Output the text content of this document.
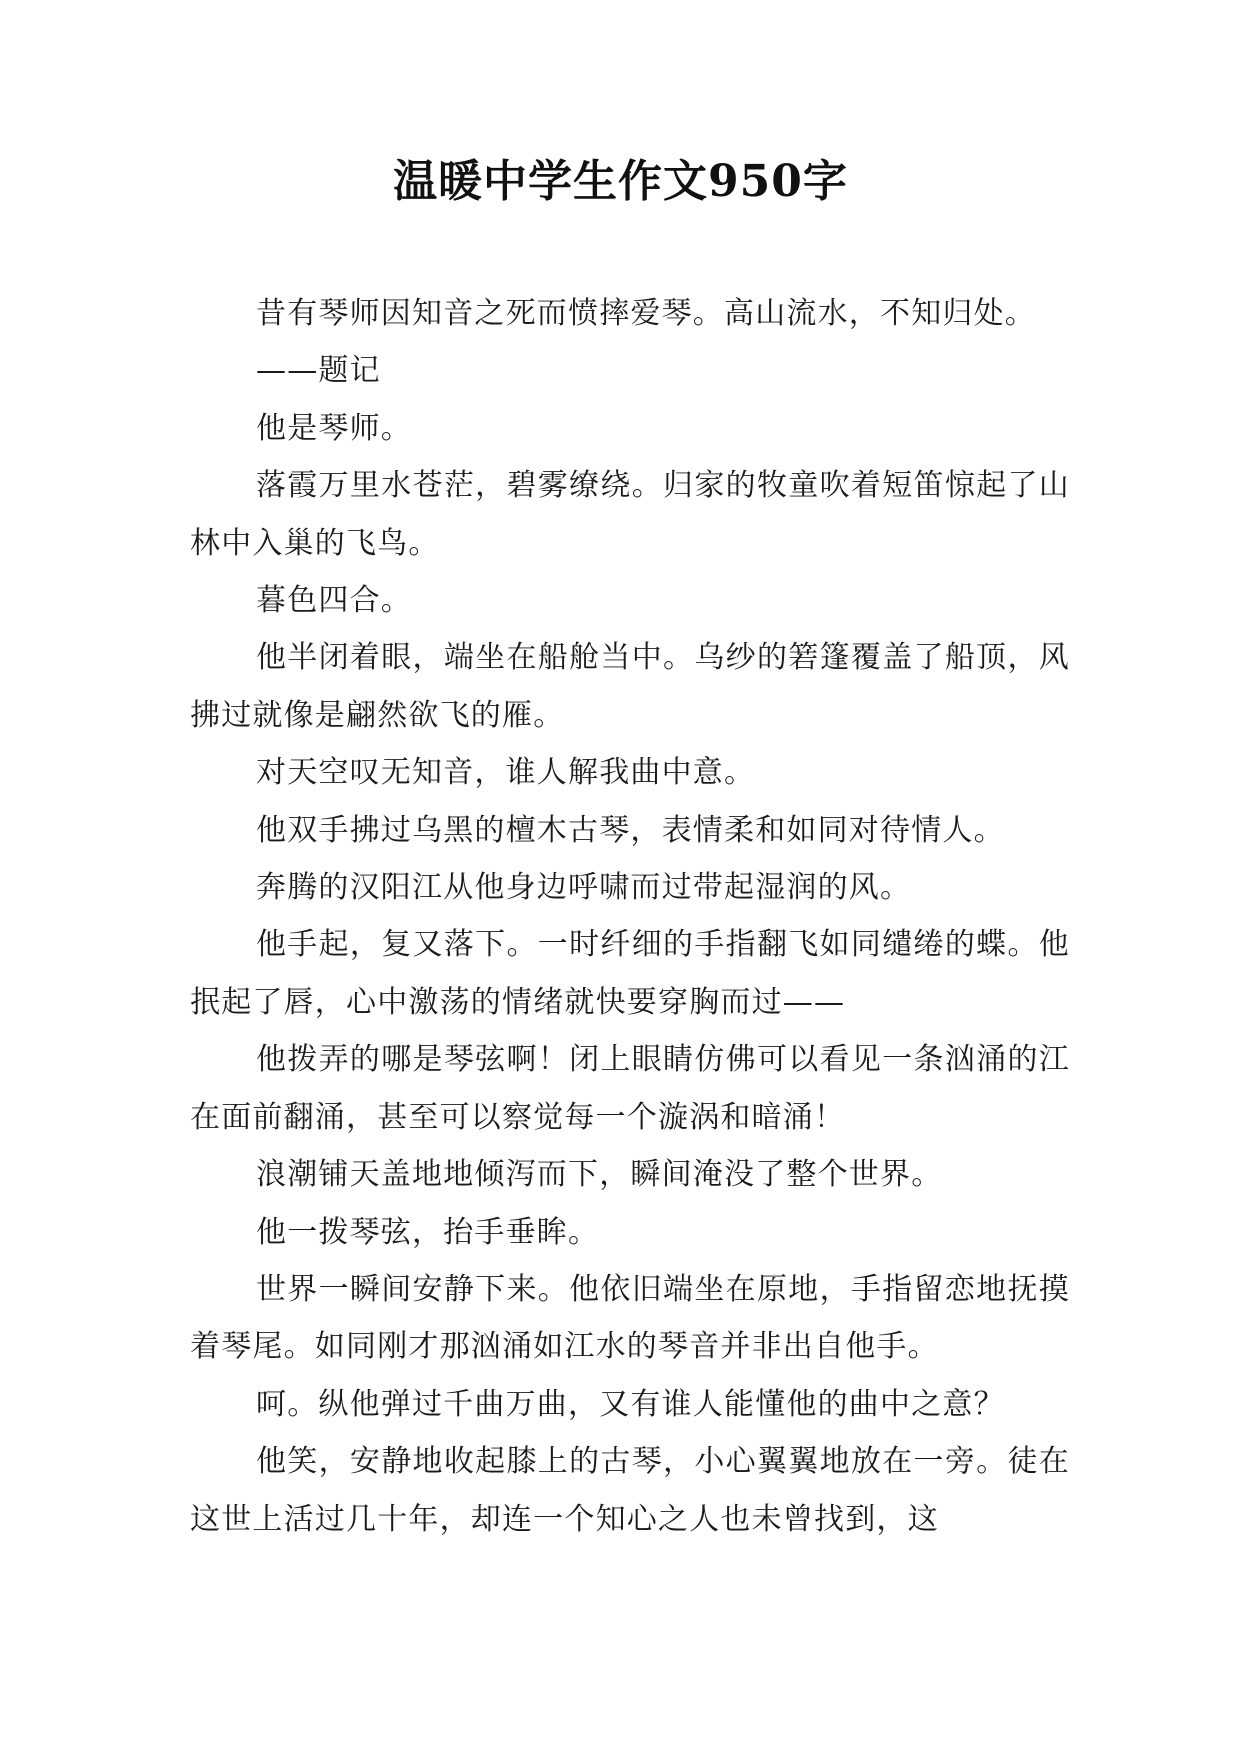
温暖中学生作文950字

昔有琴师因知音之死而愤摔爱琴。高山流水，不知归处。

——题记

他是琴师。

落霞万里水苍茫，碧雾缭绕。归家的牧童吹着短笛惊起了山林中入巢的飞鸟。

暮色四合。

他半闭着眼，端坐在船舱当中。乌纱的箬篷覆盖了船顶，风拂过就像是翩然欲飞的雁。

对天空叹无知音，谁人解我曲中意。

他双手拂过乌黑的檀木古琴，表情柔和如同对待情人。

奔腾的汉阳江从他身边呼啸而过带起湿润的风。

他手起，复又落下。一时纤细的手指翻飞如同缱绻的蝶。他抿起了唇，心中激荡的情绪就快要穿胸而过——

他拨弄的哪是琴弦啊！闭上眼睛仿佛可以看见一条汹涌的江在面前翻涌，甚至可以察觉每一个漩涡和暗涌！

浪潮铺天盖地地倾泻而下，瞬间淹没了整个世界。

他一拨琴弦，抬手垂眸。

世界一瞬间安静下来。他依旧端坐在原地，手指留恋地抚摸着琴尾。如同刚才那汹涌如江水的琴音并非出自他手。

呵。纵他弹过千曲万曲，又有谁人能懂他的曲中之意？

他笑，安静地收起膝上的古琴，小心翼翼地放在一旁。徒在这世上活过几十年，却连一个知心之人也未曾找到，这
